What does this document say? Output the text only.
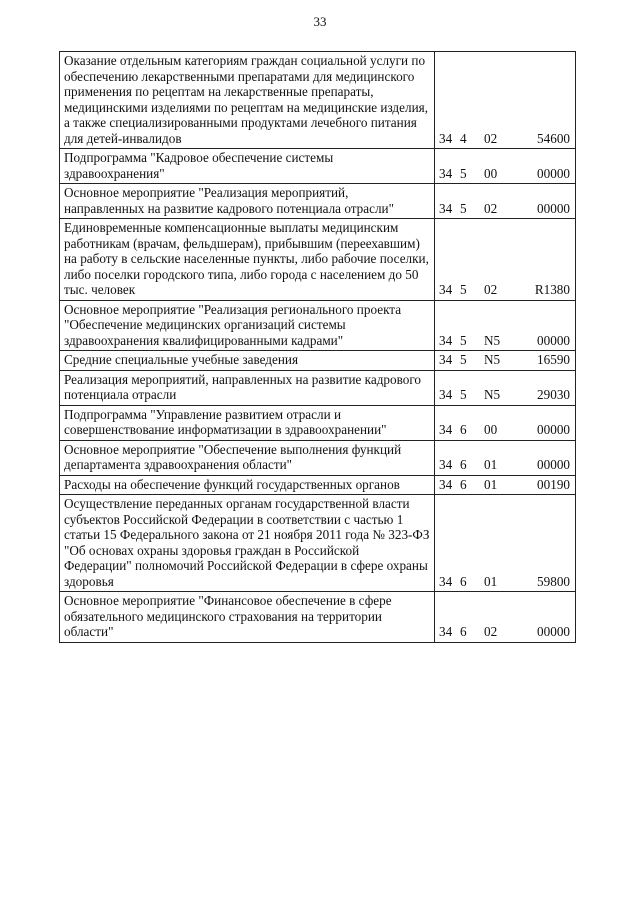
33
Оказание отдельным категориям граждан социальной услуги по обеспечению лекарственными препаратами для медицинского применения по рецептам на лекарственные препараты, медицинскими изделиями по рецептам на медицинские изделия, а также специализированными продуктами лечебного питания для детей-инвалидов	34 4 02 54600
Подпрограмма "Кадровое обеспечение системы здравоохранения"	34 5 00 00000
Основное мероприятие "Реализация мероприятий, направленных на развитие кадрового потенциала отрасли"	34 5 02 00000
Единовременные компенсационные выплаты медицинским работникам (врачам, фельдшерам), прибывшим (переехавшим) на работу в сельские населенные пункты, либо рабочие поселки, либо поселки городского типа, либо города с населением до 50 тыс. человек	34 5 02 R1380
Основное мероприятие "Реализация регионального проекта "Обеспечение медицинских организаций системы здравоохранения квалифицированными кадрами"	34 5 N5 00000
Средние специальные учебные заведения	34 5 N5 16590
Реализация мероприятий, направленных на развитие кадрового потенциала отрасли	34 5 N5 29030
Подпрограмма "Управление развитием отрасли и совершенствование информатизации в здравоохранении"	34 6 00 00000
Основное мероприятие "Обеспечение выполнения функций департамента здравоохранения области"	34 6 01 00000
Расходы на обеспечение функций государственных органов	34 6 01 00190
Осуществление переданных органам государственной власти субъектов Российской Федерации в соответствии с частью 1 статьи 15 Федерального закона от 21 ноября 2011 года № 323-ФЗ "Об основах охраны здоровья граждан в Российской Федерации" полномочий Российской Федерации в сфере охраны здоровья	34 6 01 59800
Основное мероприятие "Финансовое обеспечение в сфере обязательного медицинского страхования на территории области"	34 6 02 00000
